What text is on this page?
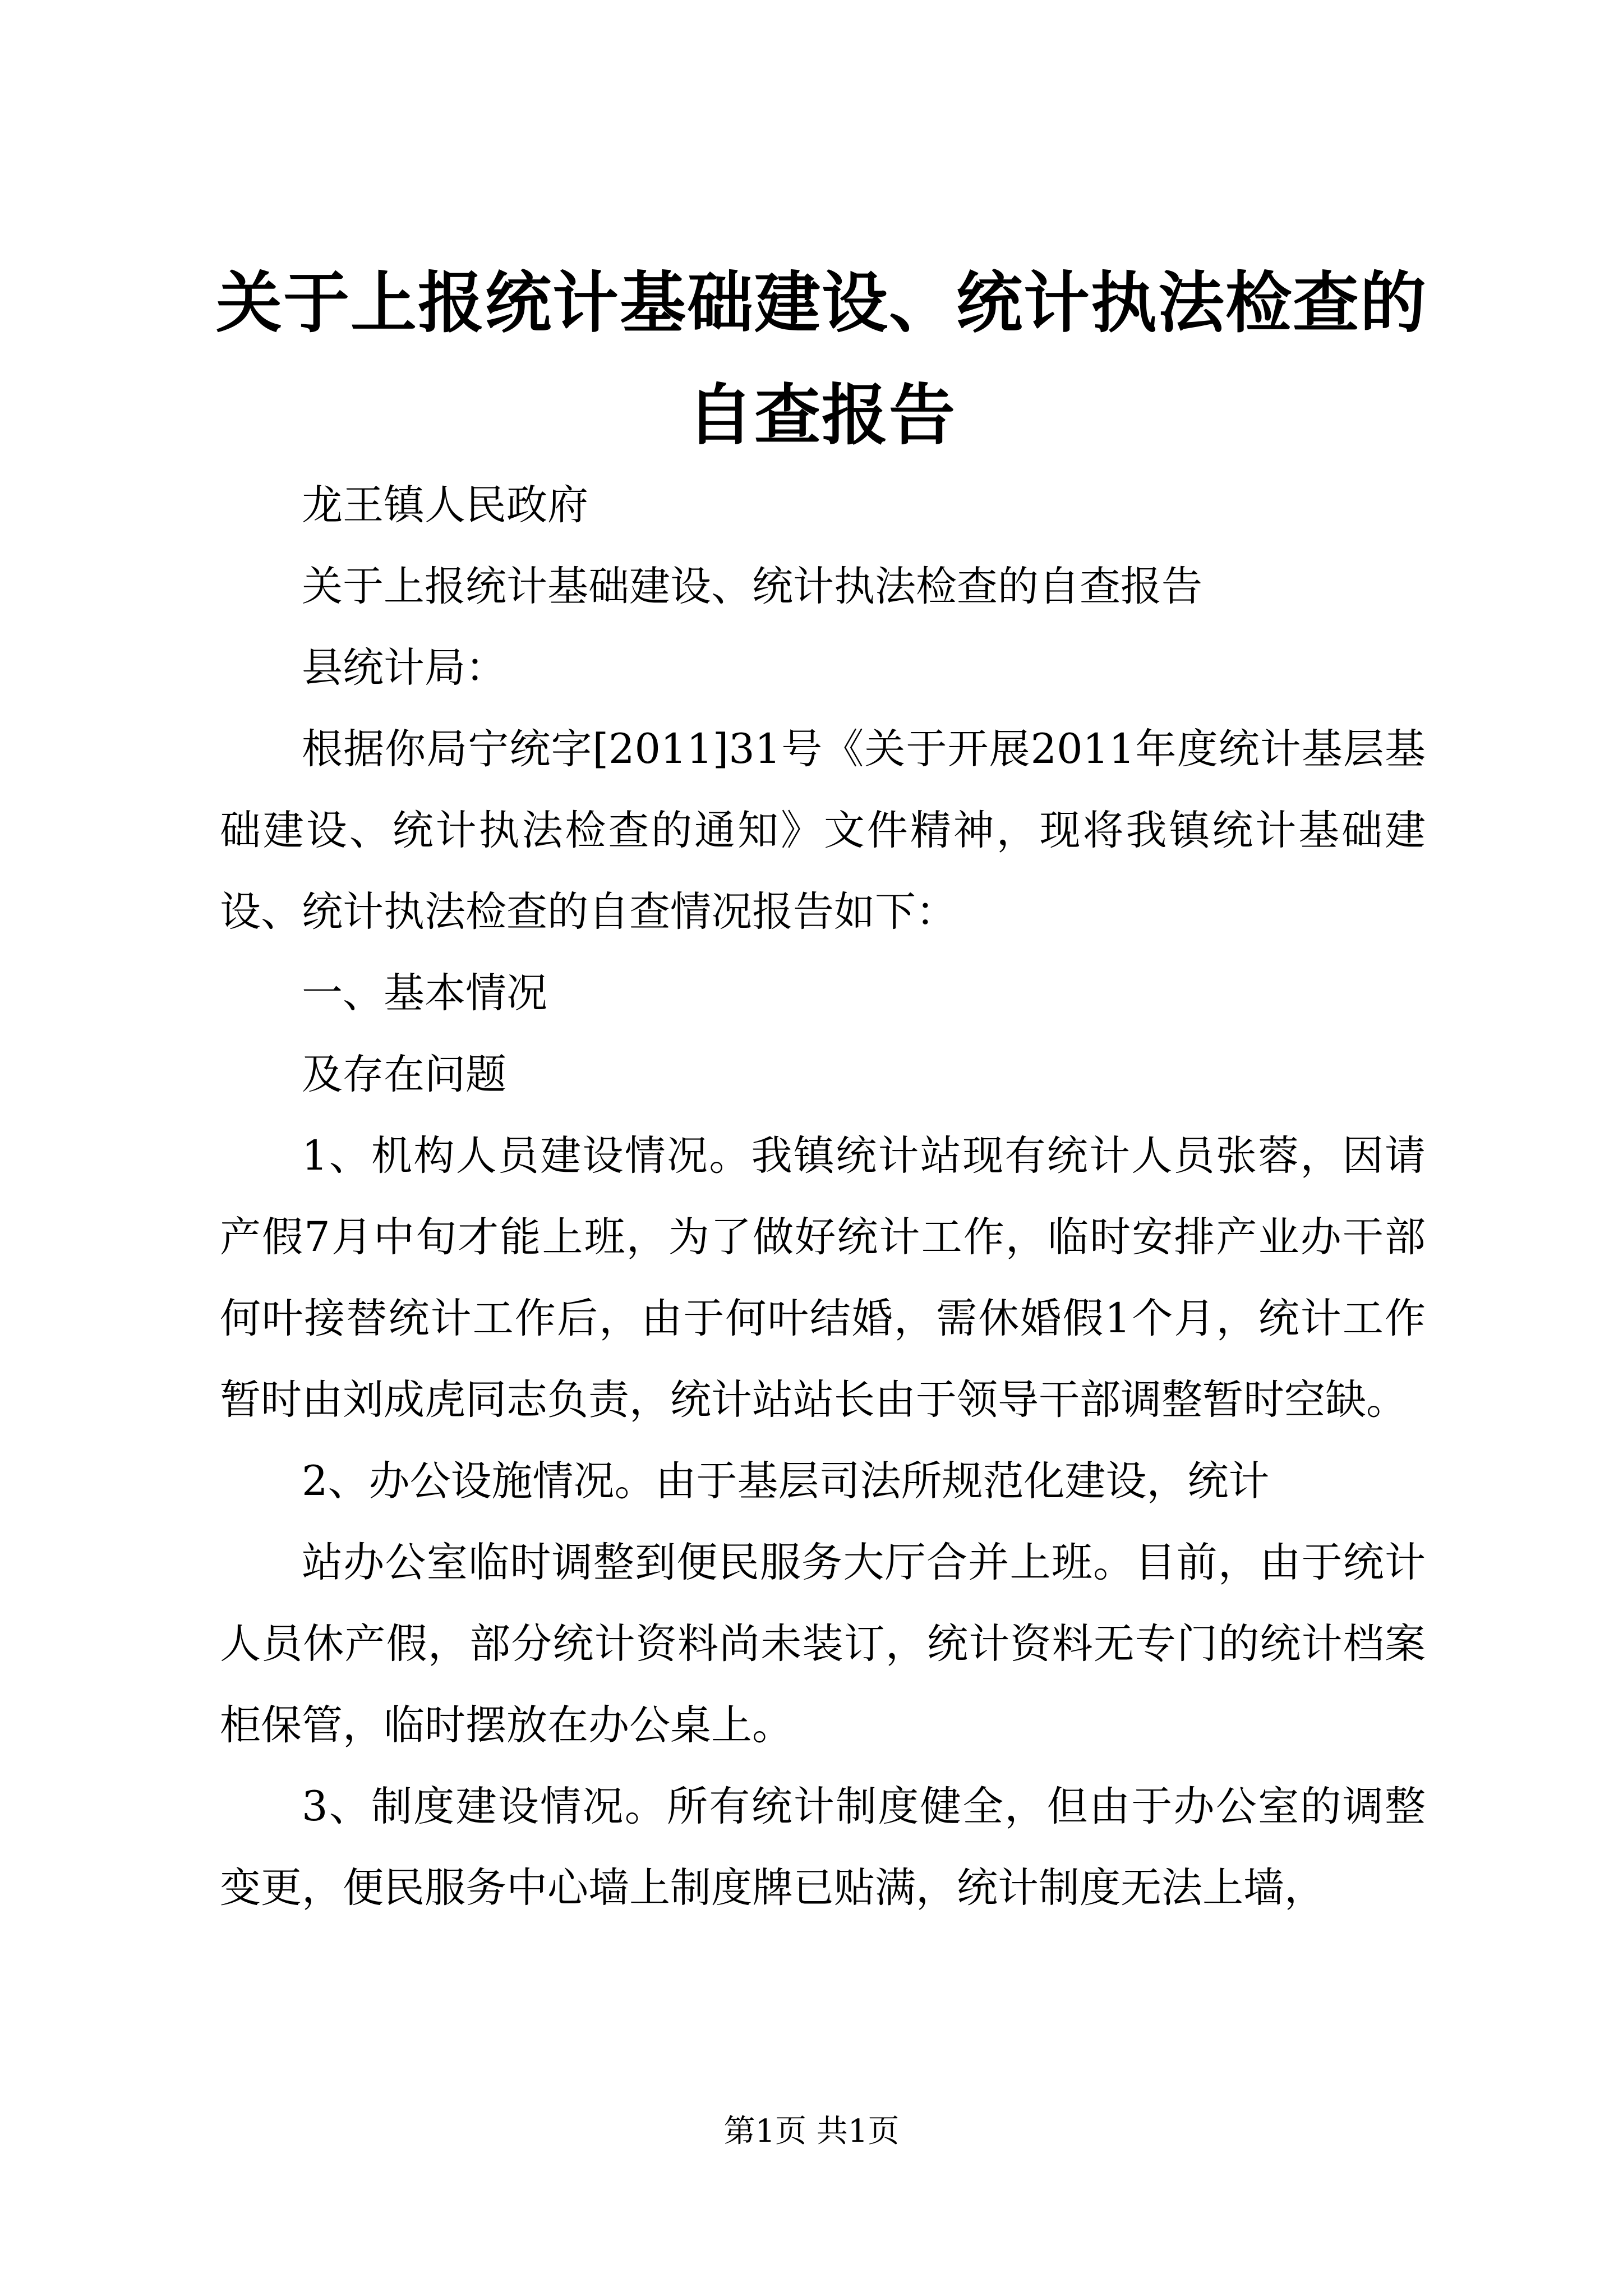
关于上报统计基础建设、统计执法检查的自查报告

龙王镇人民政府

关于上报统计基础建设、统计执法检查的自查报告

县统计局：

根据你局宁统字[2011]31号《关于开展2011年度统计基层基础建设、统计执法检查的通知》文件精神，现将我镇统计基础建设、统计执法检查的自查情况报告如下：

一、基本情况

及存在问题

1、机构人员建设情况。我镇统计站现有统计人员张蓉，因请产假7月中旬才能上班，为了做好统计工作，临时安排产业办干部何叶接替统计工作后，由于何叶结婚，需休婚假1个月，统计工作暂时由刘成虎同志负责，统计站站长由于领导干部调整暂时空缺。

2、办公设施情况。由于基层司法所规范化建设，统计

站办公室临时调整到便民服务大厅合并上班。目前，由于统计人员休产假，部分统计资料尚未装订，统计资料无专门的统计档案柜保管，临时摆放在办公桌上。

3、制度建设情况。所有统计制度健全，但由于办公室的调整变更，便民服务中心墙上制度牌已贴满，统计制度无法上墙，

第1页 共1页
